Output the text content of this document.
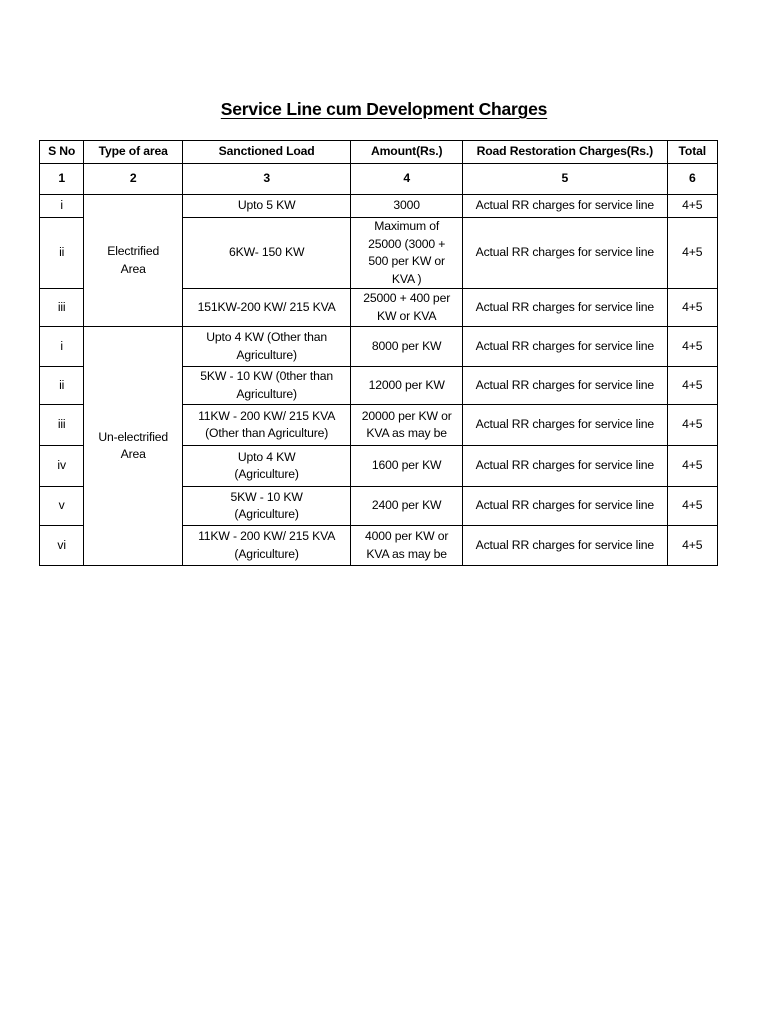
Service Line cum Development Charges
S No	Type of area	Sanctioned Load	Amount(Rs.)	Road Restoration Charges(Rs.)	Total
1	2	3	4	5	6
i	Electrified Area	Upto 5 KW	3000	Actual RR charges for service line	4+5
ii		6KW- 150 KW	Maximum of 25000 (3000 + 500 per KW or KVA )	Actual RR charges for service line	4+5
iii		151KW-200 KW/ 215 KVA	25000 + 400 per KW or KVA	Actual RR charges for service line	4+5
i	Un-electrified Area	Upto 4 KW (Other than Agriculture)	8000 per KW	Actual RR charges for service line	4+5
ii		5KW - 10 KW (0ther than Agriculture)	12000 per KW	Actual RR charges for service line	4+5
iii		11KW - 200 KW/ 215 KVA (Other than Agriculture)	20000 per KW or KVA as may be	Actual RR charges for service line	4+5
iv		Upto 4 KW (Agriculture)	1600 per KW	Actual RR charges for service line	4+5
v		5KW - 10 KW (Agriculture)	2400 per KW	Actual RR charges for service line	4+5
vi		11KW - 200 KW/ 215 KVA (Agriculture)	4000 per KW or KVA as may be	Actual RR charges for service line	4+5
